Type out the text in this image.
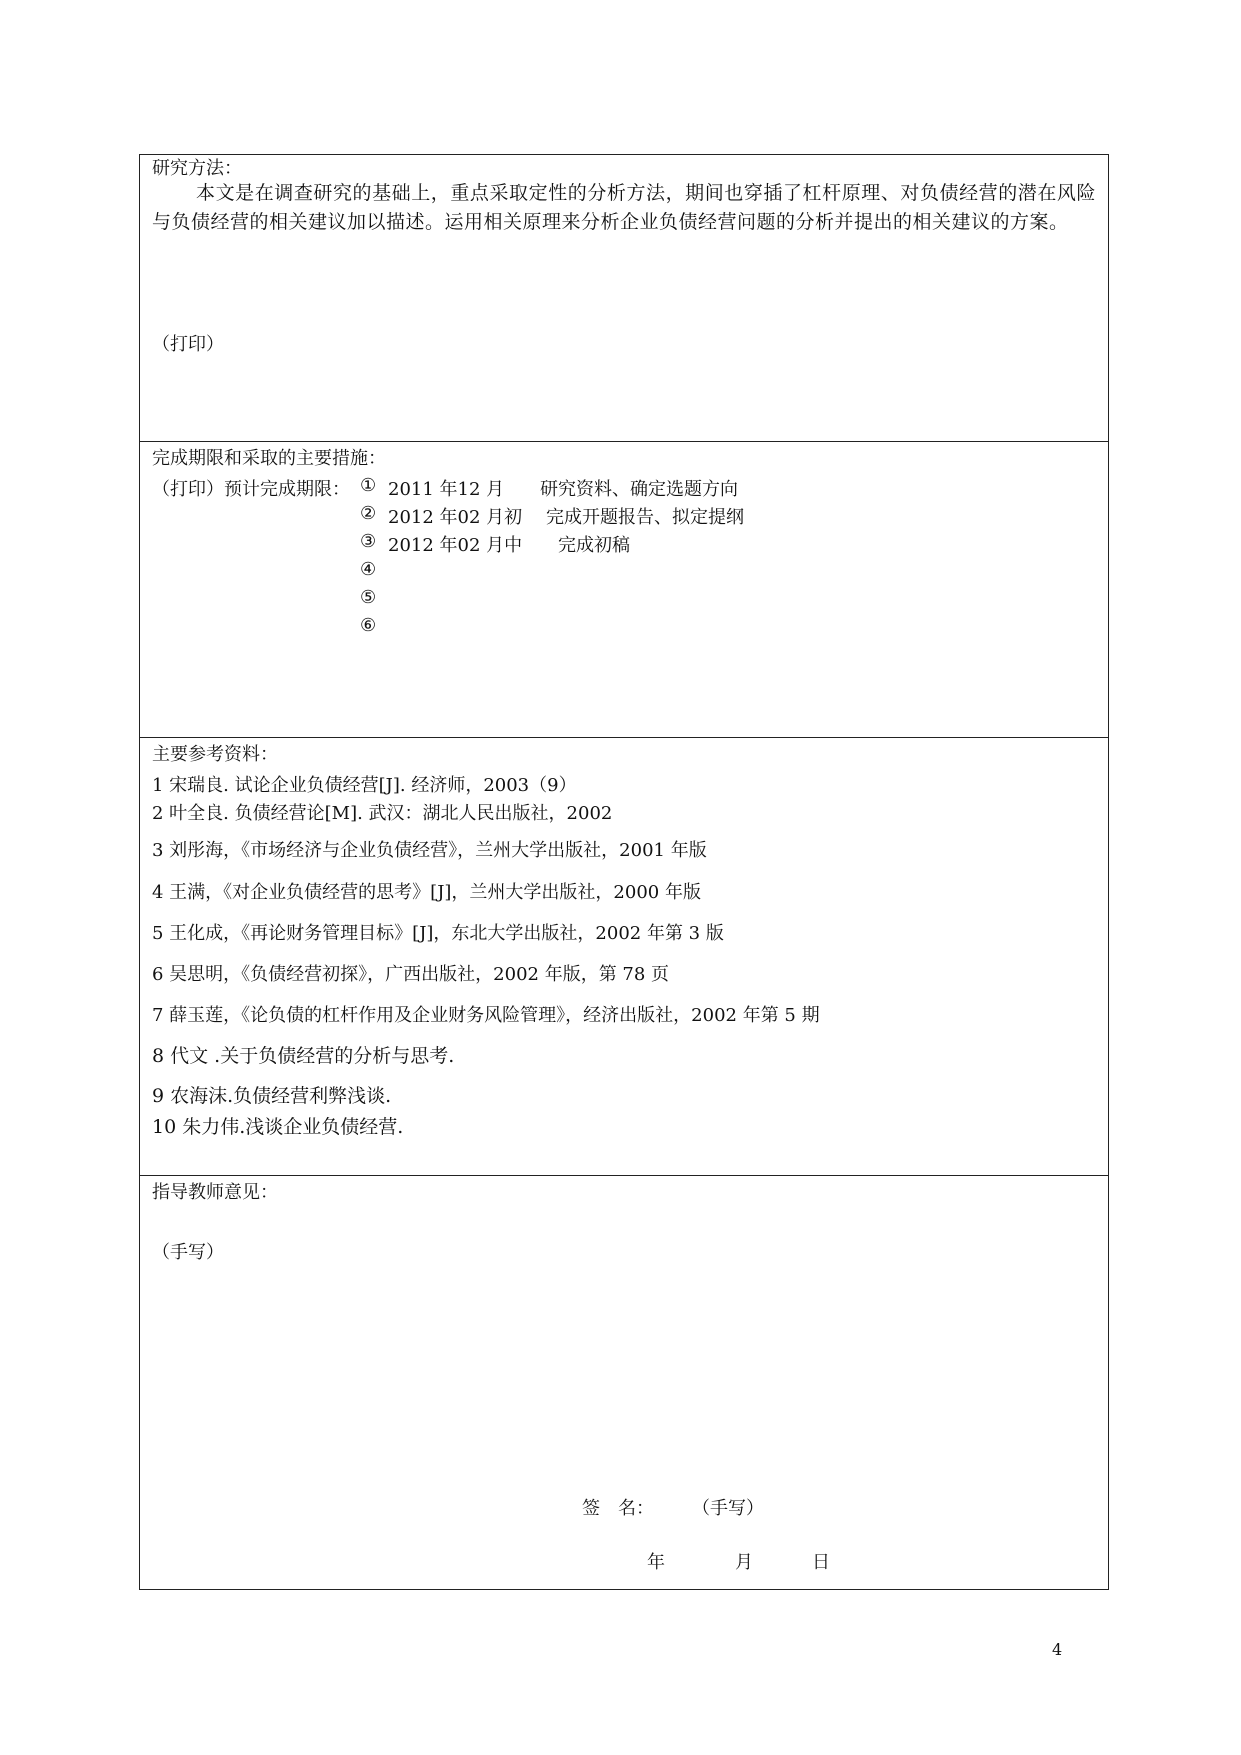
研究方法：
本文是在调查研究的基础上，重点采取定性的分析方法，期间也穿插了杠杆原理、对负债经营的潜在风险与负债经营的相关建议加以描述。运用相关原理来分析企业负债经营问题的分析并提出的相关建议的方案。
（打印）
完成期限和采取的主要措施：
（打印）预计完成期限： ① 2011 年12 月 研究资料、确定选题方向
② 2012 年02 月初 完成开题报告、拟定提纲
③ 2012 年02 月中 完成初稿
④
⑤
⑥
主要参考资料：
1 宋瑞良. 试论企业负债经营[J]. 经济师，2003（9）
2 叶全良. 负债经营论[M]. 武汉：湖北人民出版社，2002
3 刘彤海，《市场经济与企业负债经营》，兰州大学出版社，2001 年版
4 王满，《对企业负债经营的思考》[J]，兰州大学出版社，2000 年版
5 王化成，《再论财务管理目标》[J]，东北大学出版社，2002 年第 3 版
6 吴思明，《负债经营初探》，广西出版社，2002 年版，第 78 页
7 薛玉莲，《论负债的杠杆作用及企业财务风险管理》，经济出版社，2002 年第 5 期
8 代文 .关于负债经营的分析与思考.
9 农海沫.负债经营利弊浅谈.
10 朱力伟.浅谈企业负债经营.
指导教师意见：
（手写）
签　名： （手写）
年	月	日
4
